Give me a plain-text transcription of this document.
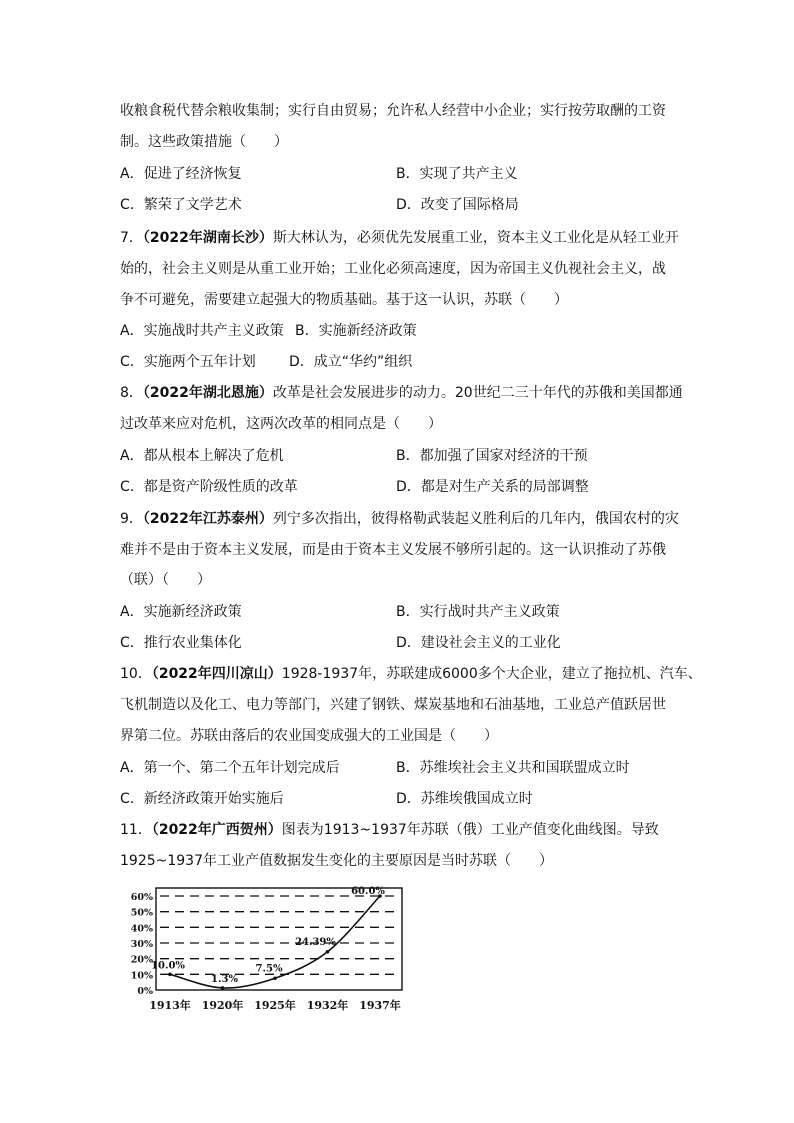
收粮食税代替余粮收集制；实行自由贸易；允许私人经营中小企业；实行按劳取酬的工资
制。这些政策措施（　　）
A．促进了经济恢复	B．实现了共产主义
C．繁荣了文学艺术	D．改变了国际格局
7．（2022年湖南长沙）斯大林认为，必须优先发展重工业，资本主义工业化是从轻工业开
始的，社会主义则是从重工业开始；工业化必须高速度，因为帝国主义仇视社会主义，战
争不可避免，需要建立起强大的物质基础。基于这一认识，苏联（　　）
A．实施战时共产主义政策 B．实施新经济政策
C．实施两个五年计划 D．成立“华约”组织
8．（2022年湖北恩施）改革是社会发展进步的动力。20世纪二三十年代的苏俄和美国都通
过改革来应对危机，这两次改革的相同点是（　　）
A．都从根本上解决了危机	B．都加强了国家对经济的干预
C．都是资产阶级性质的改革	D．都是对生产关系的局部调整
9．（2022年江苏泰州）列宁多次指出，彼得格勒武装起义胜利后的几年内，俄国农村的灾
难并不是由于资本主义发展，而是由于资本主义发展不够所引起的。这一认识推动了苏俄
（联）（　　）
A．实施新经济政策	B．实行战时共产主义政策
C．推行农业集体化	D．建设社会主义的工业化
10．（2022年四川凉山）1928-1937年，苏联建成6000多个大企业，建立了拖拉机、汽车、
飞机制造以及化工、电力等部门，兴建了钢铁、煤炭基地和石油基地，工业总产值跃居世
界第二位。苏联由落后的农业国变成强大的工业国是（　　）
A．第一个、第二个五年计划完成后	B．苏维埃社会主义共和国联盟成立时
C．新经济政策开始实施后	D．苏维埃俄国成立时
11．（2022年广西贺州）图表为1913~1937年苏联（俄）工业产值变化曲线图。导致
1925~1937年工业产值数据发生变化的主要原因是当时苏联（　　）
0%
10%
20%
30%
40%
50%
60%
1913年 1920年 1925年 1932年 1937年
10.0%
1.3%
7.5%
24.39%
60.0%
